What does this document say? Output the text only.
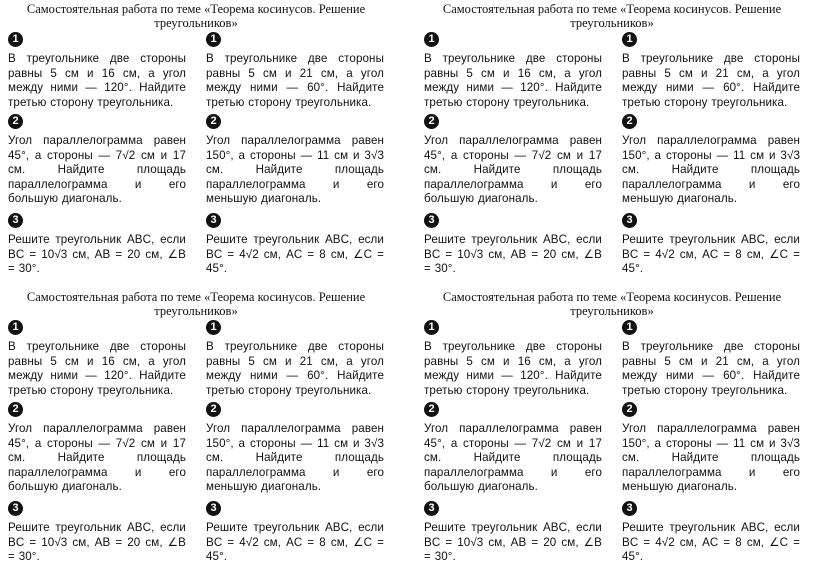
Самостоятельная работа по теме «Теорема косинусов. Решение треугольников»
1
В треугольнике две стороны равны 5 см и 16 см, а угол между ними — 120°. Найдите третью сторону треугольника.
2
Угол параллелограмма равен 45°, а стороны — 7√2 см и 17 см. Найдите площадь параллелограмма и его большую диагональ.
3
Решите треугольник ABC, если BC = 10√3 см, AB = 20 см, ∠B = 30°.
1
В треугольнике две стороны равны 5 см и 21 см, а угол между ними — 60°. Найдите третью сторону треугольника.
2
Угол параллелограмма равен 150°, а стороны — 11 см и 3√3 см. Найдите площадь параллелограмма и его меньшую диагональ.
3
Решите треугольник ABC, если BC = 4√2 см, AC = 8 см, ∠C = 45°.
Самостоятельная работа по теме «Теорема косинусов. Решение треугольников»
1
В треугольнике две стороны равны 5 см и 16 см, а угол между ними — 120°. Найдите третью сторону треугольника.
2
Угол параллелограмма равен 45°, а стороны — 7√2 см и 17 см. Найдите площадь параллелограмма и его большую диагональ.
3
Решите треугольник ABC, если BC = 10√3 см, AB = 20 см, ∠B = 30°.
1
В треугольнике две стороны равны 5 см и 21 см, а угол между ними — 60°. Найдите третью сторону треугольника.
2
Угол параллелограмма равен 150°, а стороны — 11 см и 3√3 см. Найдите площадь параллелограмма и его меньшую диагональ.
3
Решите треугольник ABC, если BC = 4√2 см, AC = 8 см, ∠C = 45°.
Самостоятельная работа по теме «Теорема косинусов. Решение треугольников»
1
В треугольнике две стороны равны 5 см и 16 см, а угол между ними — 120°. Найдите третью сторону треугольника.
2
Угол параллелограмма равен 45°, а стороны — 7√2 см и 17 см. Найдите площадь параллелограмма и его большую диагональ.
3
Решите треугольник ABC, если BC = 10√3 см, AB = 20 см, ∠B = 30°.
1
В треугольнике две стороны равны 5 см и 21 см, а угол между ними — 60°. Найдите третью сторону треугольника.
2
Угол параллелограмма равен 150°, а стороны — 11 см и 3√3 см. Найдите площадь параллелограмма и его меньшую диагональ.
3
Решите треугольник ABC, если BC = 4√2 см, AC = 8 см, ∠C = 45°.
Самостоятельная работа по теме «Теорема косинусов. Решение треугольников»
1
В треугольнике две стороны равны 5 см и 16 см, а угол между ними — 120°. Найдите третью сторону треугольника.
2
Угол параллелограмма равен 45°, а стороны — 7√2 см и 17 см. Найдите площадь параллелограмма и его большую диагональ.
3
Решите треугольник ABC, если BC = 10√3 см, AB = 20 см, ∠B = 30°.
1
В треугольнике две стороны равны 5 см и 21 см, а угол между ними — 60°. Найдите третью сторону треугольника.
2
Угол параллелограмма равен 150°, а стороны — 11 см и 3√3 см. Найдите площадь параллелограмма и его меньшую диагональ.
3
Решите треугольник ABC, если BC = 4√2 см, AC = 8 см, ∠C = 45°.
